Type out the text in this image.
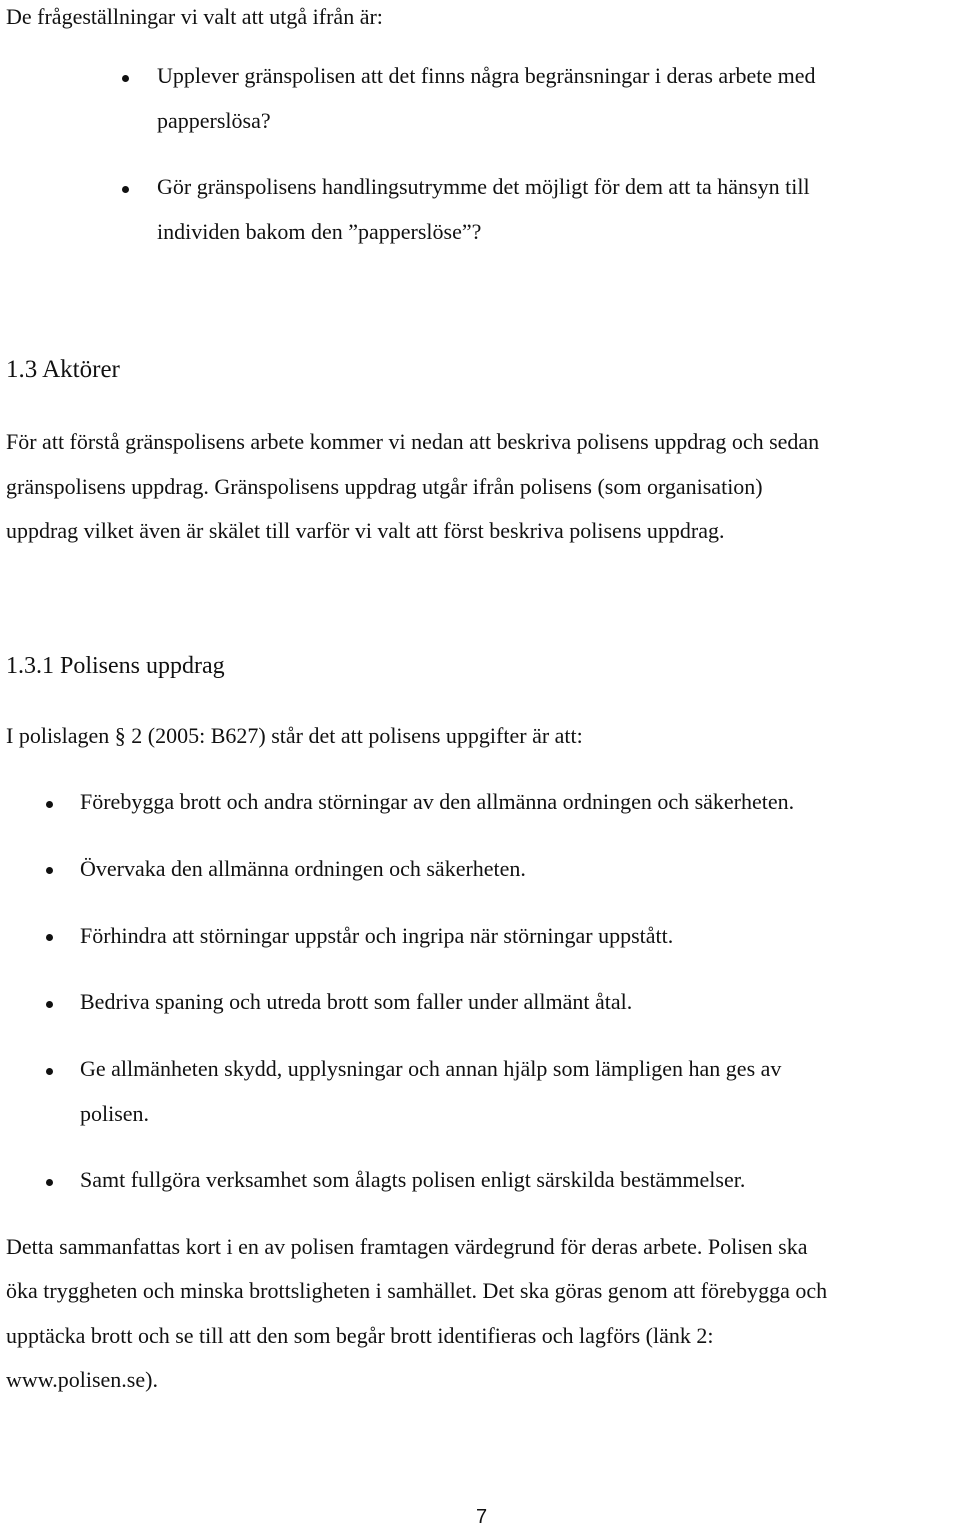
De frågeställningar vi valt att utgå ifrån är:

Upplever gränspolisen att det finns några begränsningar i deras arbete med
papperslösa?
Gör gränspolisens handlingsutrymme det möjligt för dem att ta hänsyn till
individen bakom den ”papperslöse”?
1.3 Aktörer

För att förstå gränspolisens arbete kommer vi nedan att beskriva polisens uppdrag och sedan

gränspolisens uppdrag. Gränspolisens uppdrag utgår ifrån polisens (som organisation)

uppdrag vilket även är skälet till varför vi valt att först beskriva polisens uppdrag.

1.3.1 Polisens uppdrag

I polislagen § 2 (2005: B627) står det att polisens uppgifter är att:

Förebygga brott och andra störningar av den allmänna ordningen och säkerheten.
Övervaka den allmänna ordningen och säkerheten.
Förhindra att störningar uppstår och ingripa när störningar uppstått.
Bedriva spaning och utreda brott som faller under allmänt åtal.
Ge allmänheten skydd, upplysningar och annan hjälp som lämpligen han ges av
polisen.
Samt fullgöra verksamhet som ålagts polisen enligt särskilda bestämmelser.

Detta sammanfattas kort i en av polisen framtagen värdegrund för deras arbete. Polisen ska

öka tryggheten och minska brottsligheten i samhället. Det ska göras genom att förebygga och

upptäcka brott och se till att den som begår brott identifieras och lagförs (länk 2:

www.polisen.se).

7
